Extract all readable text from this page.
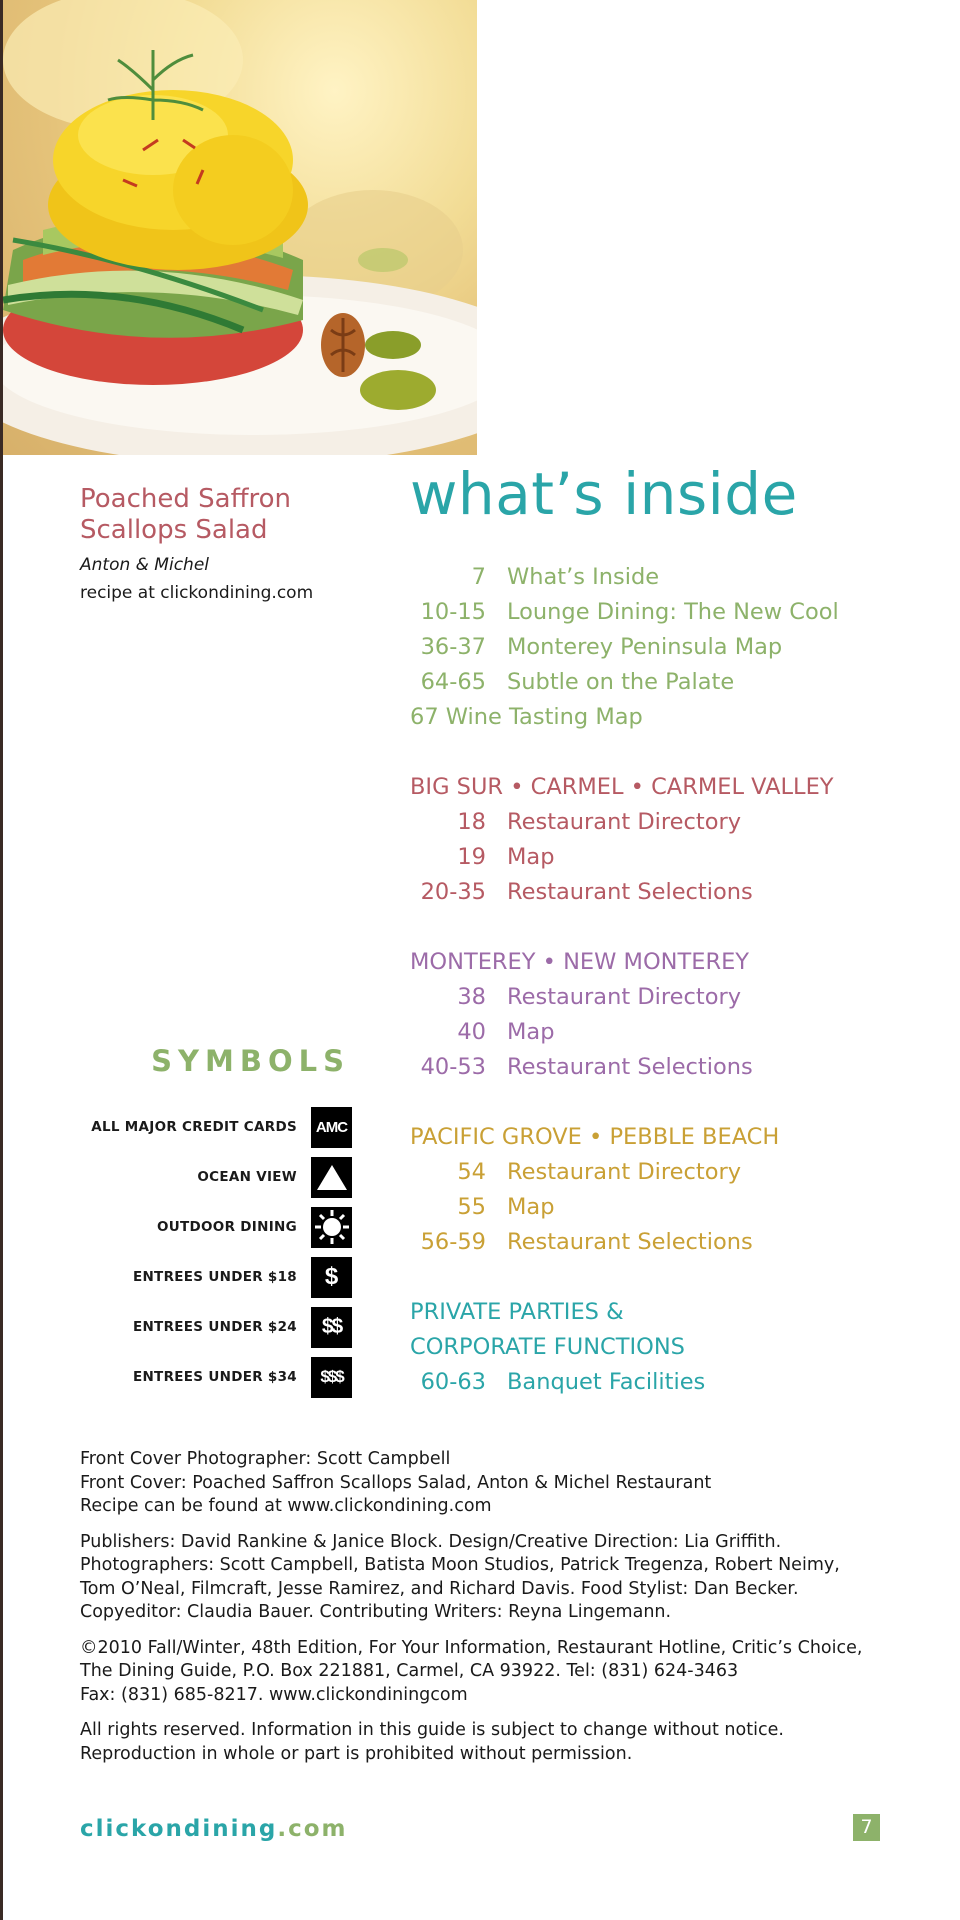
Poached Saffron
Scallops Salad
Anton & Michel
recipe at clickondining.com
what’s inside
7 What’s Inside
10-15 Lounge Dining: The New Cool
36-37 Monterey Peninsula Map
64-65 Subtle on the Palate
67 Wine Tasting Map
BIG SUR • CARMEL • CARMEL VALLEY
18 Restaurant Directory
19 Map
20-35 Restaurant Selections
MONTEREY • NEW MONTEREY
38 Restaurant Directory
40 Map
40-53 Restaurant Selections
PACIFIC GROVE • PEBBLE BEACH
54 Restaurant Directory
55 Map
56-59 Restaurant Selections
PRIVATE PARTIES &
CORPORATE FUNCTIONS
60-63 Banquet Facilities
SYMBOLS
ALL MAJOR CREDIT CARDS AMC
OCEAN VIEW
OUTDOOR DINING
ENTREES UNDER $18 $
ENTREES UNDER $24 $$
ENTREES UNDER $34 $$$

Front Cover Photographer: Scott Campbell
Front Cover: Poached Saffron Scallops Salad, Anton & Michel Restaurant
Recipe can be found at www.clickondining.com

Publishers: David Rankine & Janice Block. Design/Creative Direction: Lia Griffith.
Photographers: Scott Campbell, Batista Moon Studios, Patrick Tregenza, Robert Neimy,
Tom O’Neal, Filmcraft, Jesse Ramirez, and Richard Davis. Food Stylist: Dan Becker.
Copyeditor: Claudia Bauer. Contributing Writers: Reyna Lingemann.

©2010 Fall/Winter, 48th Edition, For Your Information, Restaurant Hotline, Critic’s Choice,
The Dining Guide, P.O. Box 221881, Carmel, CA 93922. Tel: (831) 624-3463
Fax: (831) 685-8217. www.clickondiningcom

All rights reserved. Information in this guide is subject to change without notice.
Reproduction in whole or part is prohibited without permission.

clickondining.com	7
